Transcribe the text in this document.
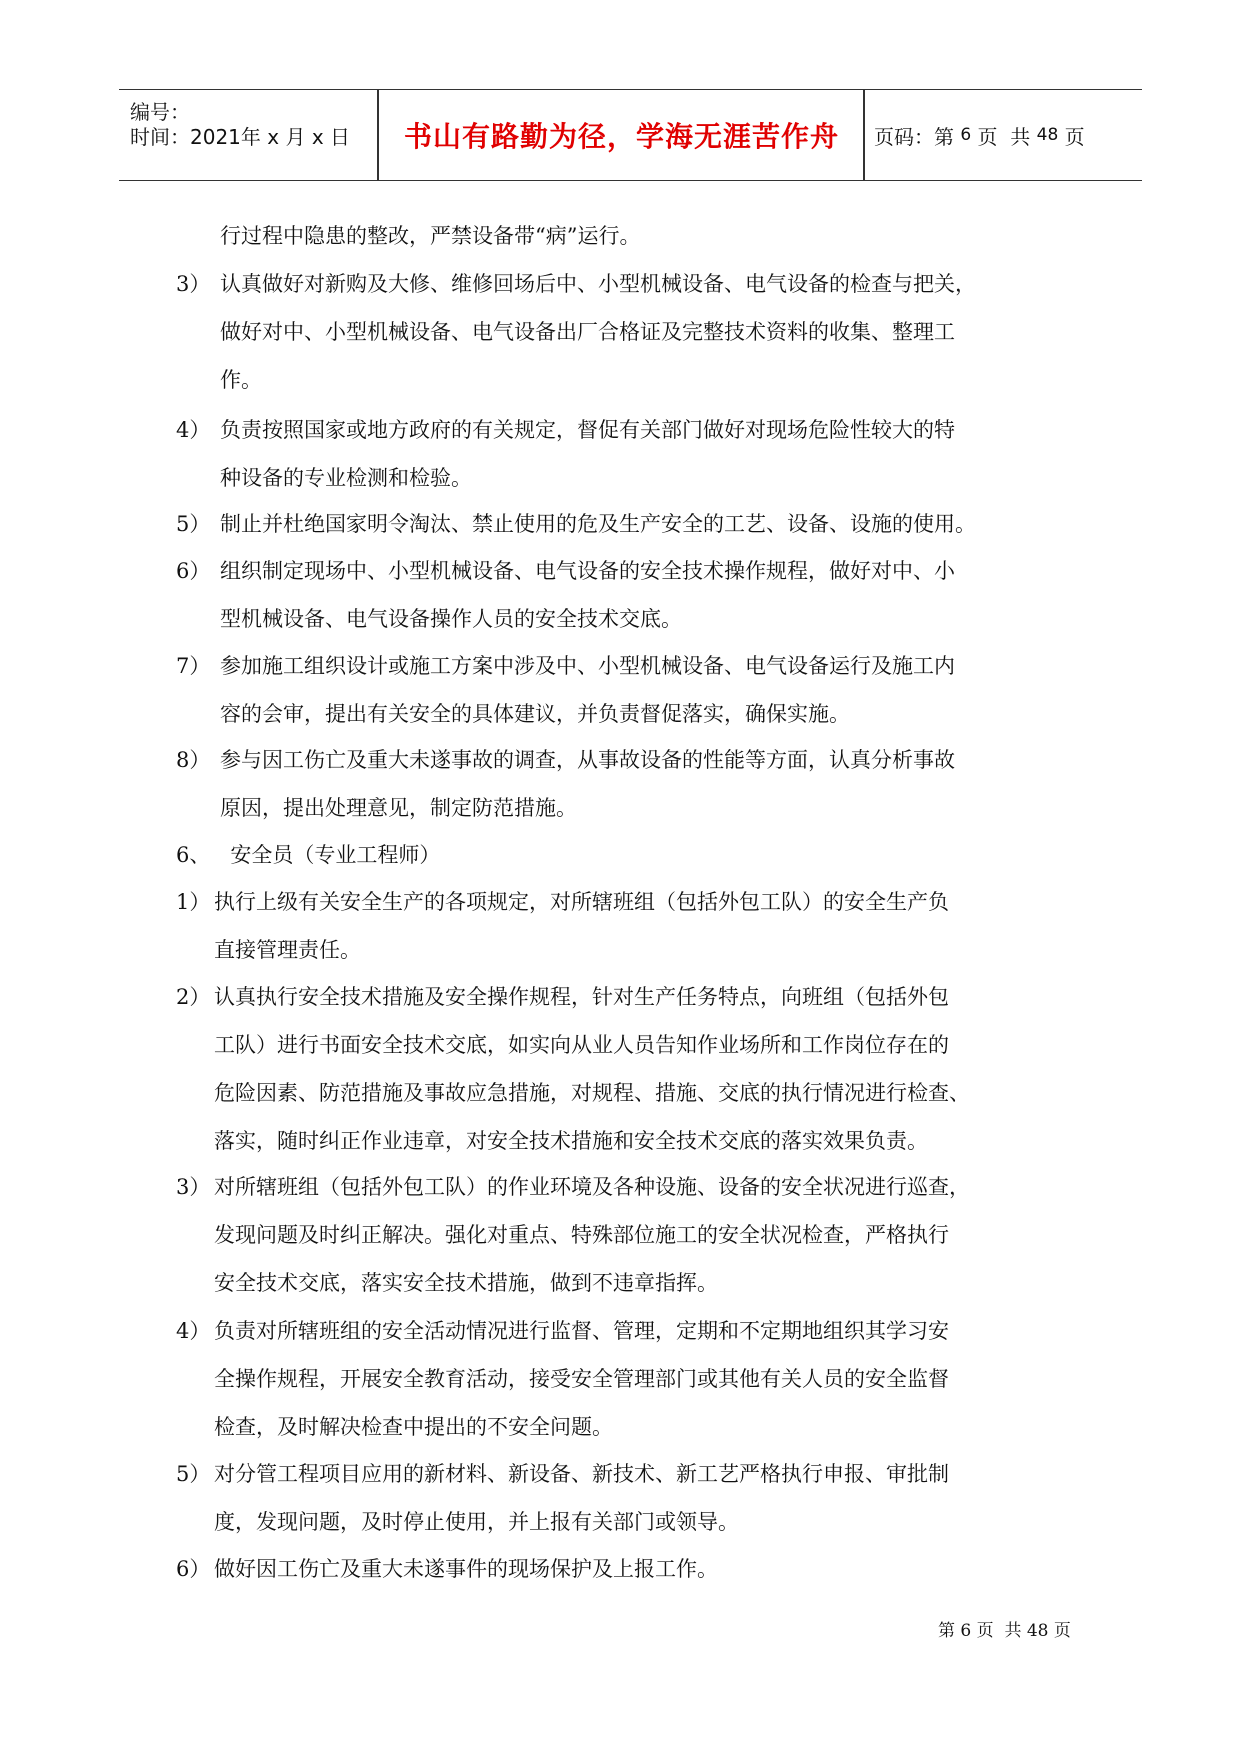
编号：
时间：2021年 x 月 x 日	书山有路勤为径，学海无涯苦作舟	页码： 第
6
页  共
48
页
行过程中隐患的整改，严禁设备带“病”运行。
3） 认真做好对新购及大修、维修回场后中、小型机械设备、电气设备的检查与把关，
做好对中、小型机械设备、电气设备出厂合格证及完整技术资料的收集、整理工
作。
4） 负责按照国家或地方政府的有关规定，督促有关部门做好对现场危险性较大的特
种设备的专业检测和检验。
5） 制止并杜绝国家明令淘汰、禁止使用的危及生产安全的工艺、设备、设施的使用。
6） 组织制定现场中、小型机械设备、电气设备的安全技术操作规程，做好对中、小
型机械设备、电气设备操作人员的安全技术交底。
7） 参加施工组织设计或施工方案中涉及中、小型机械设备、电气设备运行及施工内
容的会审，提出有关安全的具体建议，并负责督促落实，确保实施。
8） 参与因工伤亡及重大未遂事故的调查，从事故设备的性能等方面，认真分析事故
原因，提出处理意见，制定防范措施。
6、 安全员（专业工程师）
1） 执行上级有关安全生产的各项规定，对所辖班组（包括外包工队）的安全生产负
直接管理责任。
2） 认真执行安全技术措施及安全操作规程，针对生产任务特点，向班组（包括外包
工队）进行书面安全技术交底，如实向从业人员告知作业场所和工作岗位存在的
危险因素、防范措施及事故应急措施，对规程、措施、交底的执行情况进行检查、
落实，随时纠正作业违章，对安全技术措施和安全技术交底的落实效果负责。
3） 对所辖班组（包括外包工队）的作业环境及各种设施、设备的安全状况进行巡查，
发现问题及时纠正解决。强化对重点、特殊部位施工的安全状况检查，严格执行
安全技术交底，落实安全技术措施，做到不违章指挥。
4） 负责对所辖班组的安全活动情况进行监督、管理，定期和不定期地组织其学习安
全操作规程，开展安全教育活动，接受安全管理部门或其他有关人员的安全监督
检查，及时解决检查中提出的不安全问题。
5） 对分管工程项目应用的新材料、新设备、新技术、新工艺严格执行申报、审批制
度，发现问题，及时停止使用，并上报有关部门或领导。
6） 做好因工伤亡及重大未遂事件的现场保护及上报工作。
第 6 页  共 48 页
